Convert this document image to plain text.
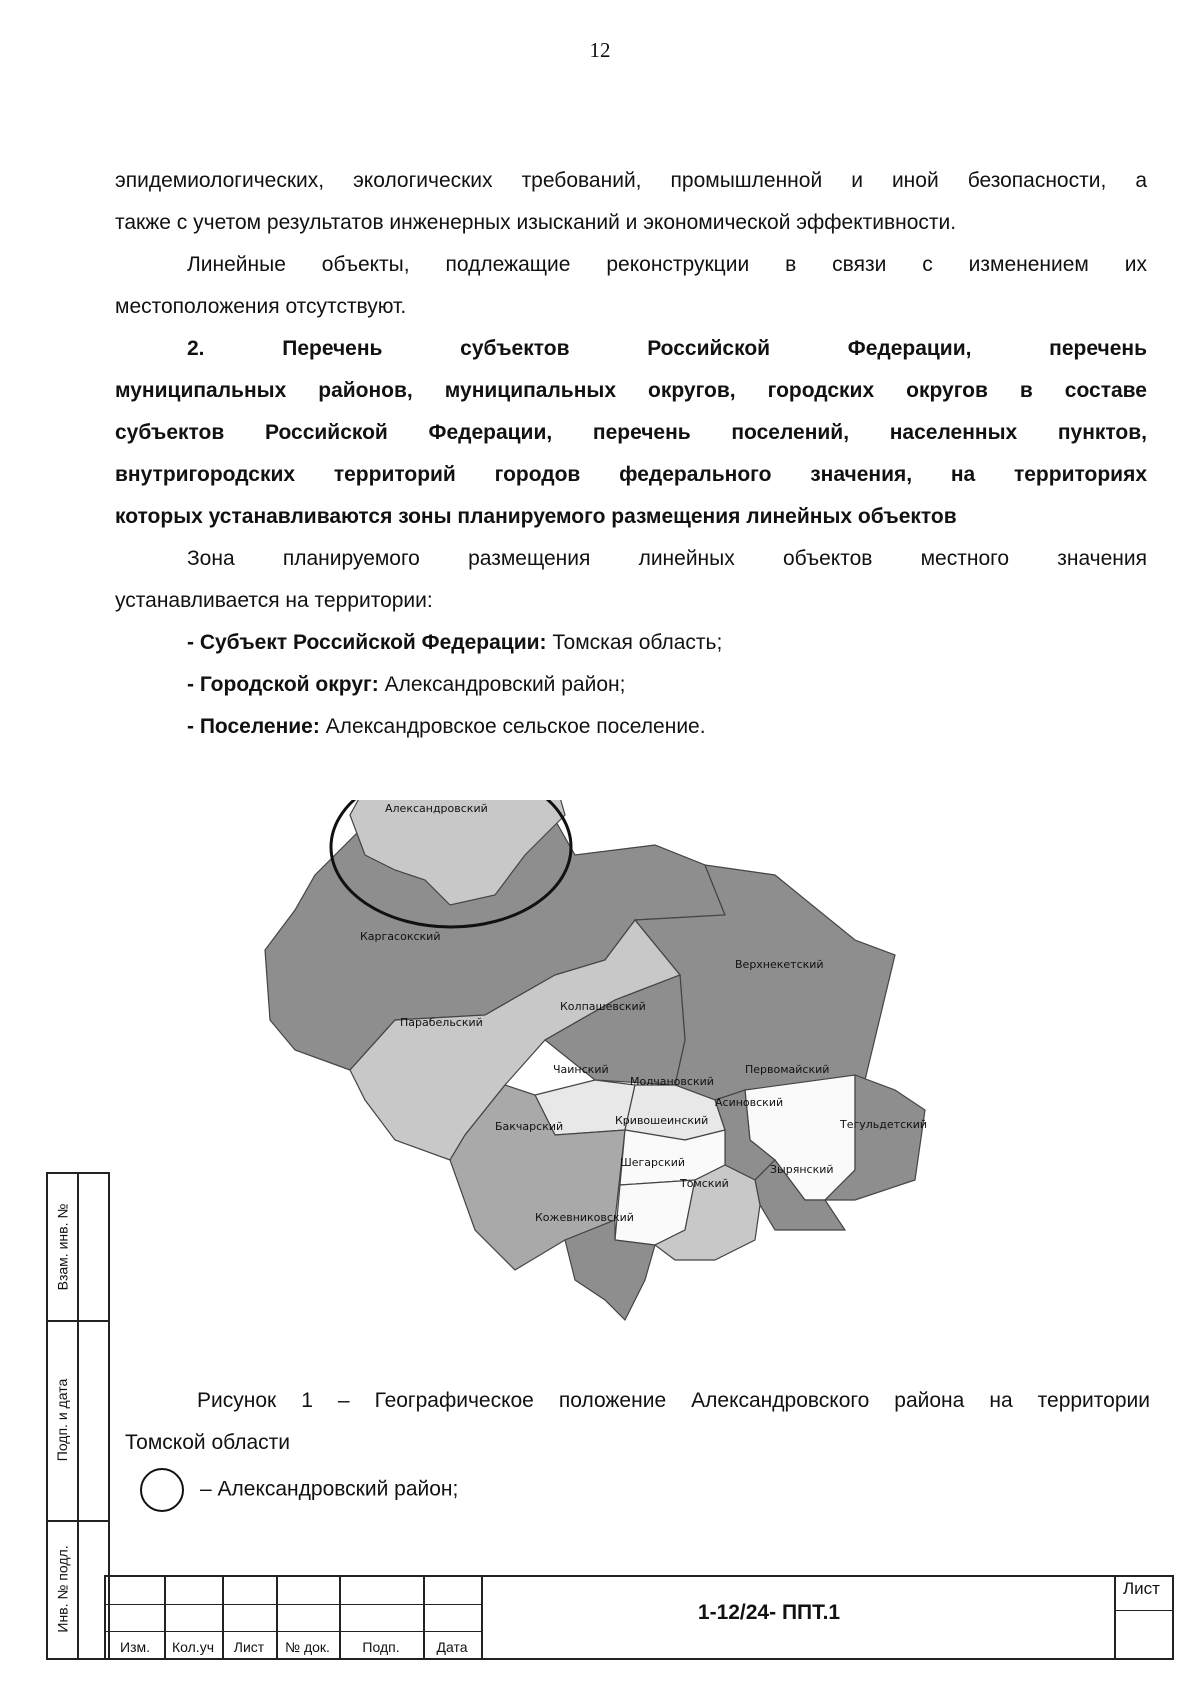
12

эпидемиологических, экологических требований, промышленной и иной безопасности, а

также с учетом результатов инженерных изысканий и экономической эффективности.

Линейные объекты, подлежащие реконструкции в связи с изменением их

местоположения отсутствуют.

2. Перечень субъектов Российской Федерации, перечень

муниципальных районов, муниципальных округов, городских округов в составе

субъектов Российской Федерации, перечень поселений, населенных пунктов,

внутригородских территорий городов федерального значения, на территориях

которых устанавливаются зоны планируемого размещения линейных объектов

Зона планируемого размещения линейных объектов местного значения

устанавливается на территории:

- Субъект Российской Федерации: Томская область;

- Городской округ: Александровский район;

- Поселение: Александровское сельское поселение.

Александровский
Каргасокский
Верхнекетский
Колпашевский
Парабельский
Чаинский
Молчановский
Первомайский
Асиновский
Бакчарский	Кривошеинский	Тегульдетский
Шегарский
Зырянский
Томский
Кожевниковский

Рисунок 1 – Географическое положение Александровского района на территории

Томской области

– Александровский район;
Взам. инв. №
Подп. и дата
Инв. № подл.
Изм.	Кол.уч	Лист	№ док.	Подп.	Дата
1-12/24- ППТ.1
Лист
